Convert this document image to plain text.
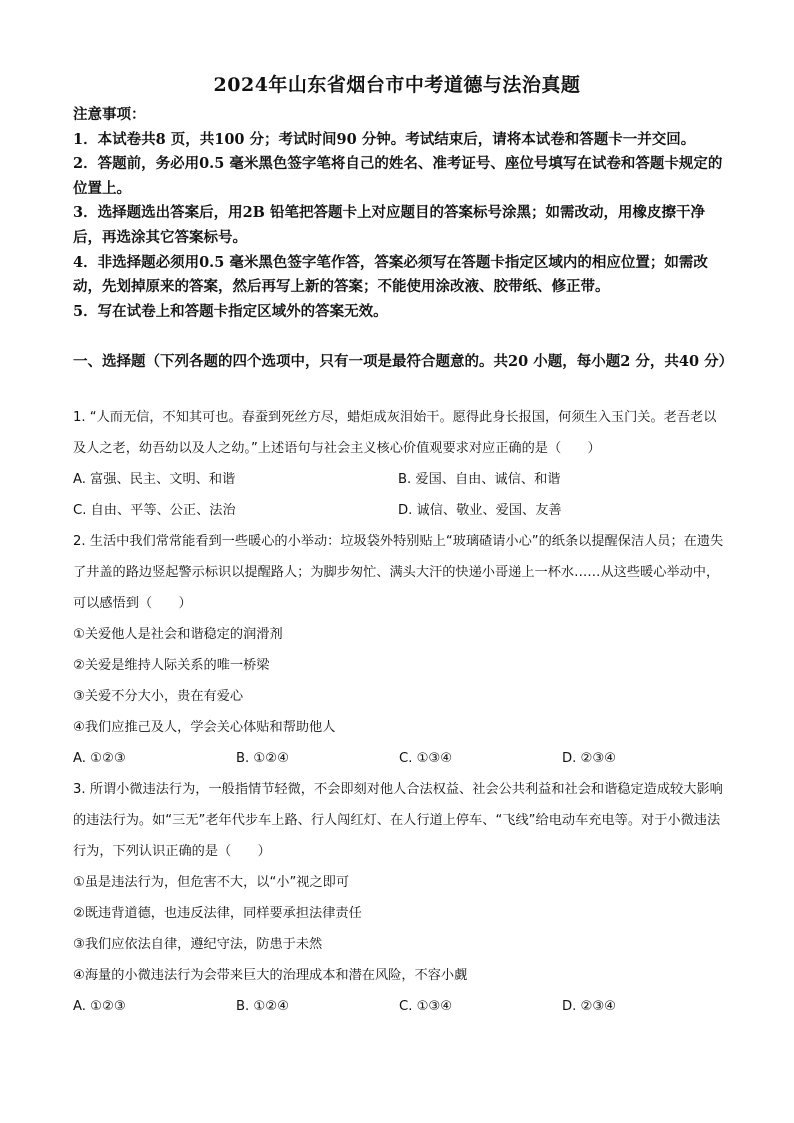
2024年山东省烟台市中考道德与法治真题

注意事项：

1．本试卷共8 页，共100 分；考试时间90 分钟。考试结束后，请将本试卷和答题卡一并交回。

2．答题前，务必用0.5 毫米黑色签字笔将自己的姓名、准考证号、座位号填写在试卷和答题卡规定的位置上。

3．选择题选出答案后，用2B 铅笔把答题卡上对应题目的答案标号涂黑；如需改动，用橡皮擦干净后，再选涂其它答案标号。

4．非选择题必须用0.5 毫米黑色签字笔作答，答案必须写在答题卡指定区域内的相应位置；如需改动，先划掉原来的答案，然后再写上新的答案；不能使用涂改液、胶带纸、修正带。

5．写在试卷上和答题卡指定区域外的答案无效。

一、选择题（下列各题的四个选项中，只有一项是最符合题意的。共20 小题，每小题2 分，共40 分）

1. “人而无信，不知其可也。春蚕到死丝方尽，蜡炬成灰泪始干。愿得此身长报国，何须生入玉门关。老吾老以及人之老，幼吾幼以及人之幼。”上述语句与社会主义核心价值观要求对应正确的是（　　）

A. 富强、民主、文明、和谐	B. 爱国、自由、诚信、和谐
C. 自由、平等、公正、法治	D. 诚信、敬业、爱国、友善

2. 生活中我们常常能看到一些暖心的小举动：垃圾袋外特别贴上“玻璃碴请小心”的纸条以提醒保洁人员；在遗失了井盖的路边竖起警示标识以提醒路人；为脚步匆忙、满头大汗的快递小哥递上一杯水……从这些暖心举动中，可以感悟到（　　）

①关爱他人是社会和谐稳定的润滑剂

②关爱是维持人际关系的唯一桥梁

③关爱不分大小，贵在有爱心

④我们应推己及人，学会关心体贴和帮助他人

A. ①②③	B. ①②④	C. ①③④	D. ②③④

3. 所谓小微违法行为，一般指情节轻微，不会即刻对他人合法权益、社会公共利益和社会和谐稳定造成较大影响的违法行为。如“三无”老年代步车上路、行人闯红灯、在人行道上停车、“飞线”给电动车充电等。对于小微违法行为，下列认识正确的是（　　）

①虽是违法行为，但危害不大，以“小”视之即可

②既违背道德，也违反法律，同样要承担法律责任

③我们应依法自律，遵纪守法，防患于未然

④海量的小微违法行为会带来巨大的治理成本和潜在风险，不容小觑

A. ①②③	B. ①②④	C. ①③④	D. ②③④
